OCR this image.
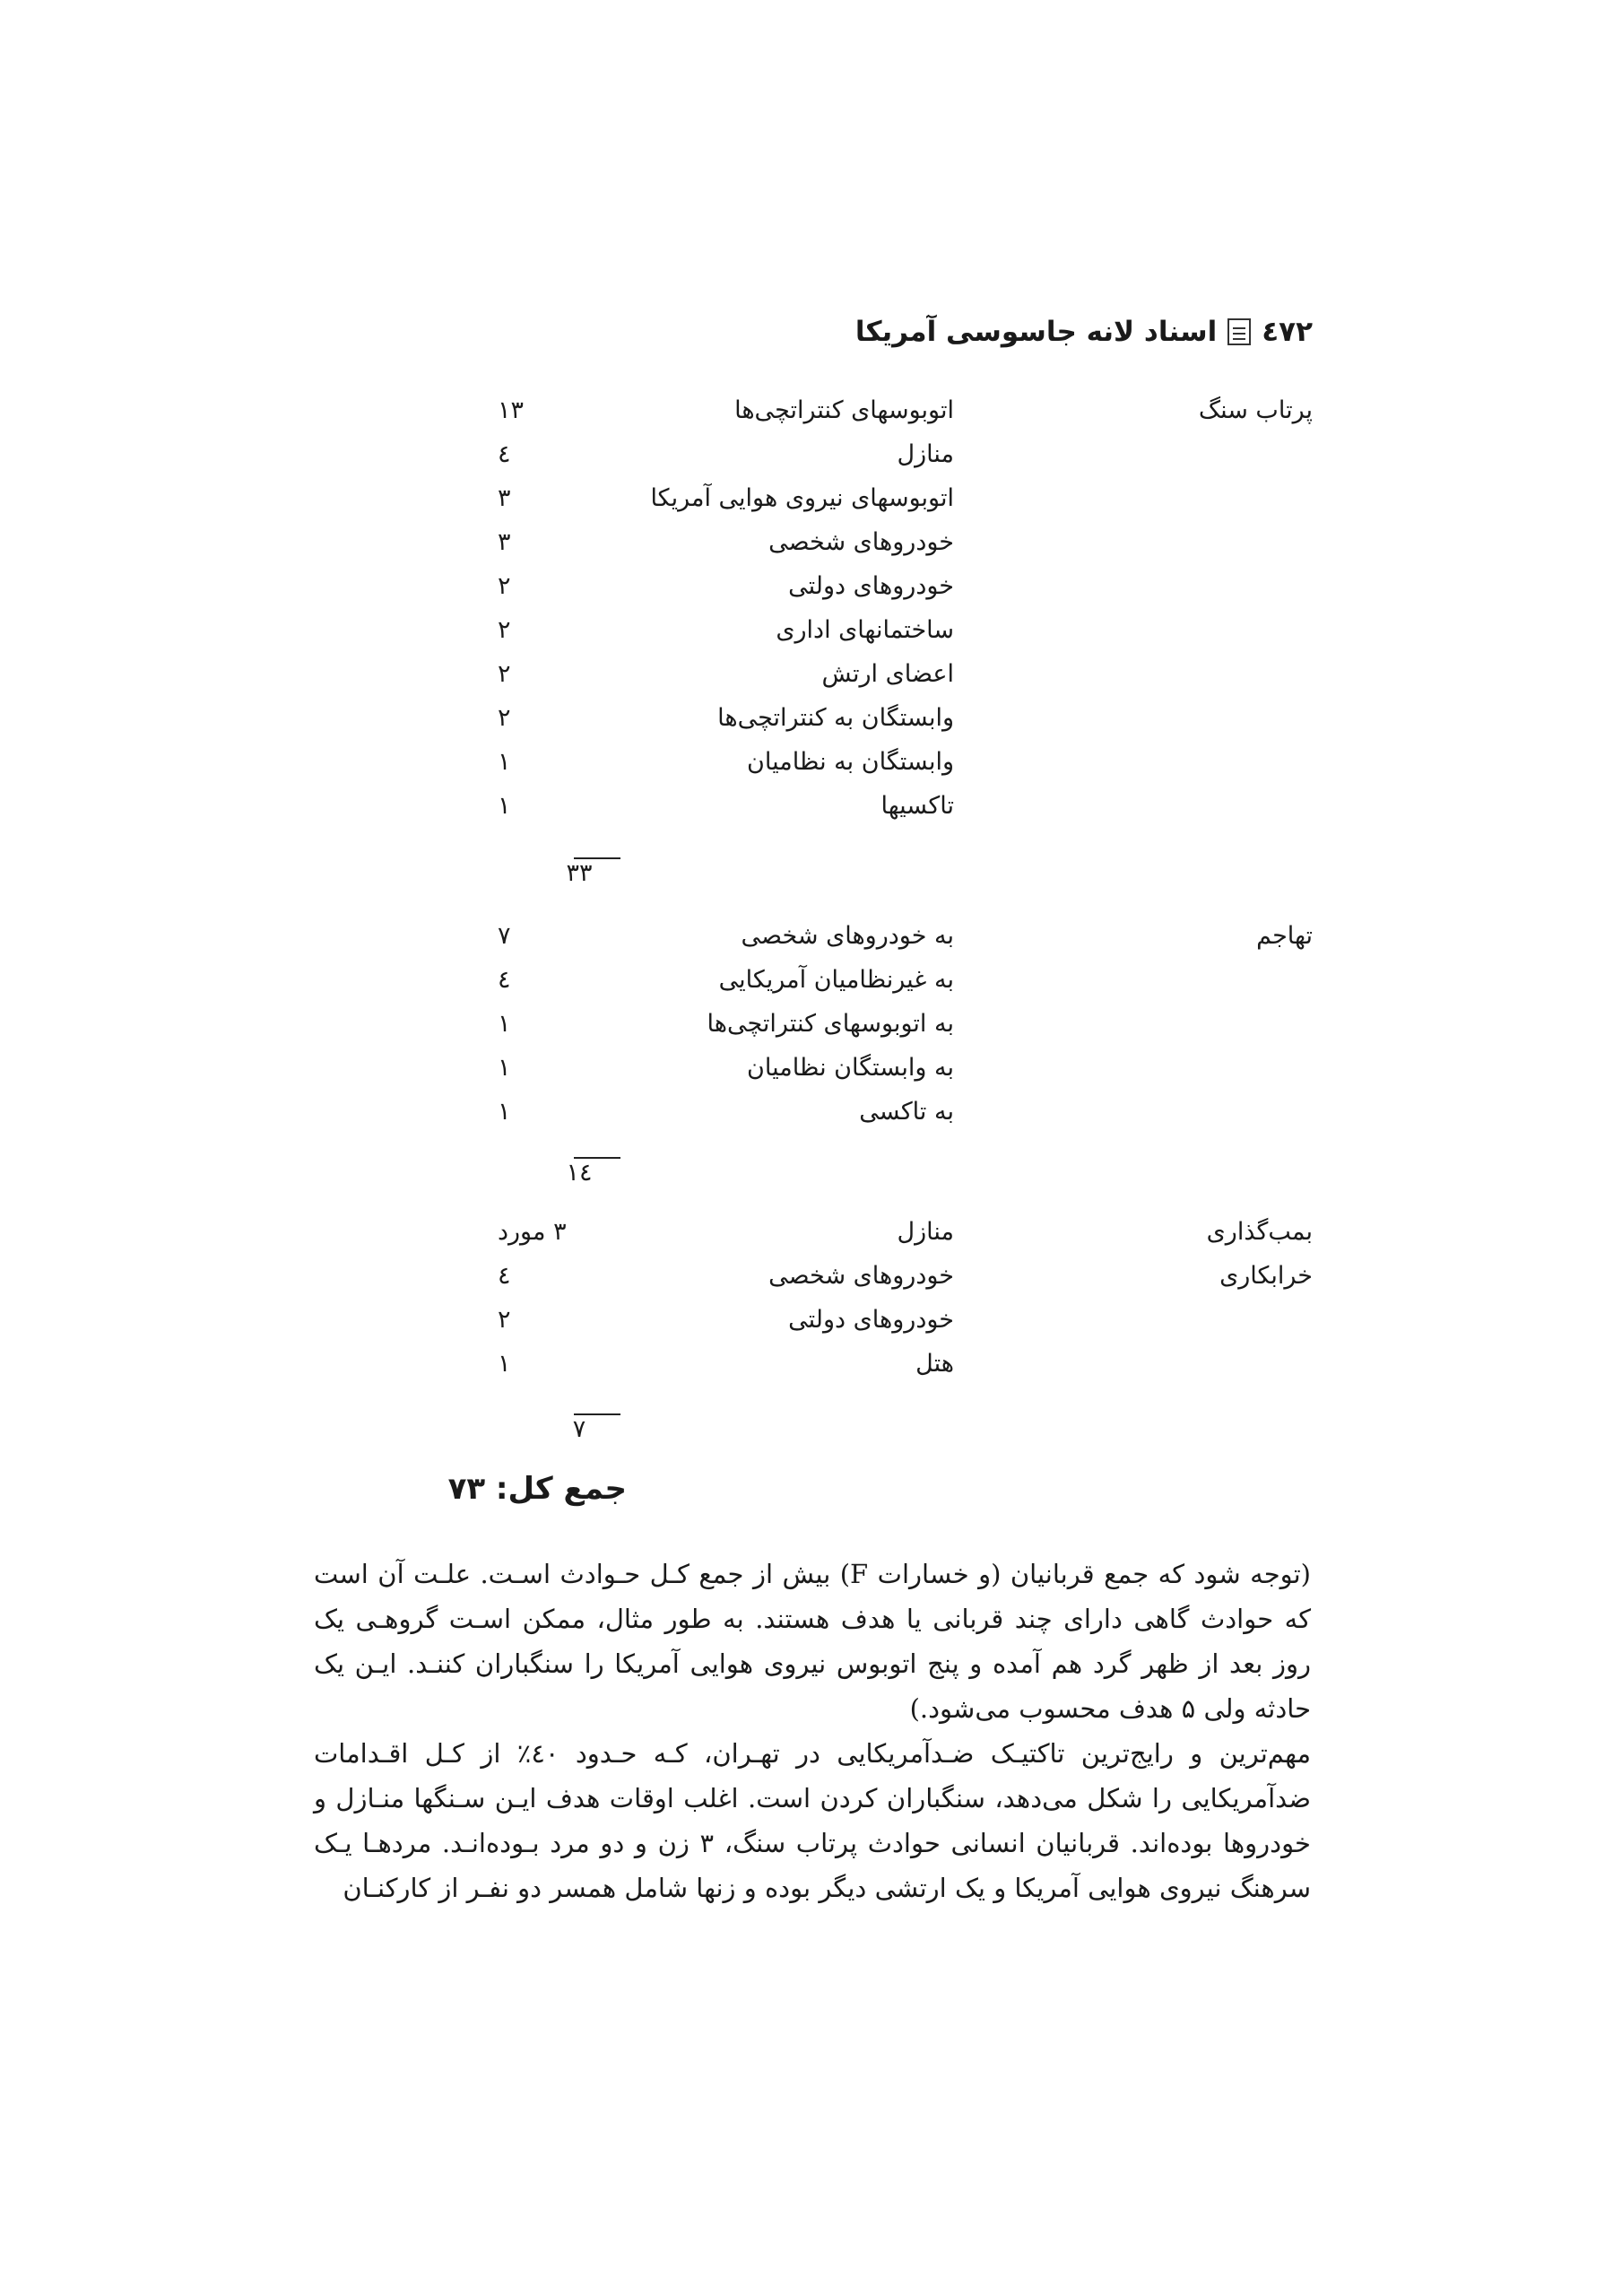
٤٧٢
اسناد لانه جاسوسی آمریکا
پرتاب سنگ
اتوبوسهای کنتراتچی‌ها
۱۳
منازل
٤
اتوبوسهای نیروی هوایی آمریکا
۳
خودروهای شخصی
۳
خودروهای دولتی
۲
ساختمانهای اداری
۲
اعضای ارتش
۲
وابستگان به کنتراتچی‌ها
۲
وابستگان به نظامیان
۱
تاکسیها
۱
۳۳
تهاجم
به خودروهای شخصی
۷
به غیرنظامیان آمریکایی
٤
به اتوبوسهای کنتراتچی‌ها
۱
به وابستگان نظامیان
۱
به تاکسی
۱
۱٤
بمب‌گذاری
خرابکاری
منازل
۳ مورد
خودروهای شخصی
٤
خودروهای دولتی
۲
هتل
۱
۷
جمع کل: ۷۳
(توجه شود که جمع قربانیان (و خسارات F) بیش از جمع کـل حـوادث اسـت. علـت آن است که حوادث گاهی دارای چند قربانی یا هدف هستند. به طور مثال، ممکن اسـت گروهـی یک روز بعد از ظهر گرد هم آمده و پنج اتوبوس نیروی هوایی آمریکا را سنگباران کننـد. ایـن یک حادثه ولی ۵ هدف محسوب می‌شود.)
مهم‌ترین و رایج‌ترین تاکتیـک ضـدآمریکایی در تهـران، کـه حـدود ٤۰٪ از کـل اقـدامات ضدآمریکایی را شکل می‌دهد، سنگباران کردن است. اغلب اوقات هدف ایـن سـنگها منـازل و خودروها بوده‌اند. قربانیان انسانی حوادث پرتاب سنگ، ۳ زن و دو مرد بـوده‌انـد. مردهـا یـک سرهنگ نیروی هوایی آمریکا و یک ارتشی دیگر بوده و زنها شامل همسر دو نفـر از کارکنـان
